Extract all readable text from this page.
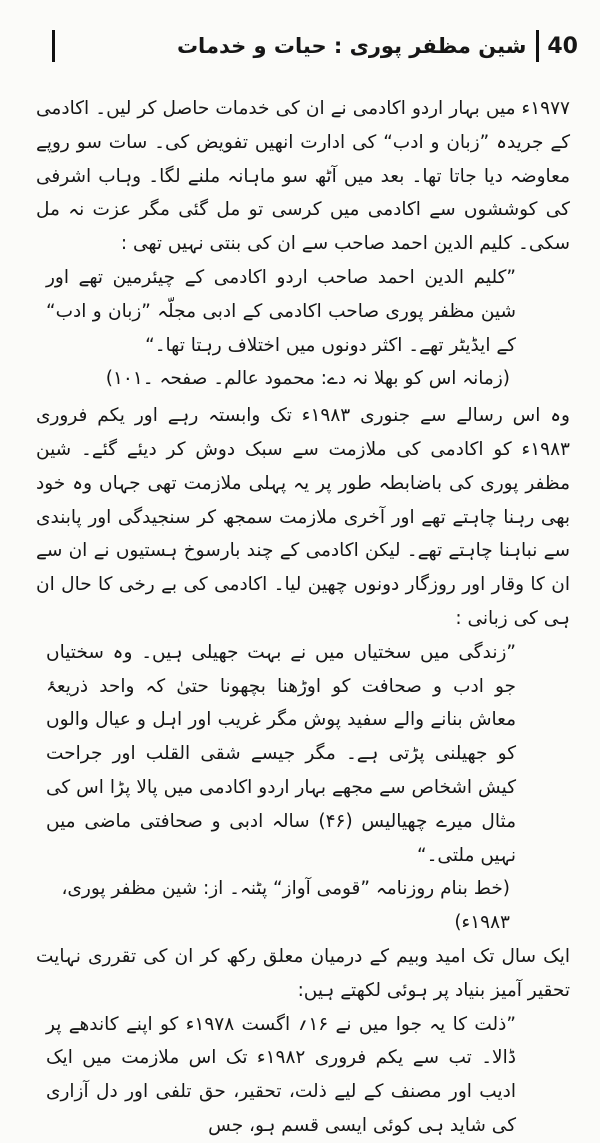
شین مظفر پوری : حیات و خدمات 40

۱۹۷۷ء میں بہار اردو اکادمی نے ان کی خدمات حاصل کر لیں۔ اکادمی کے جریدہ ”زبان و ادب“ کی ادارت انھیں تفویض کی۔ سات سو روپے معاوضہ دیا جاتا تھا۔ بعد میں آٹھ سو ماہانہ ملنے لگا۔ وہاب اشرفی کی کوششوں سے اکادمی میں کرسی تو مل گئی مگر عزت نہ مل سکی۔ کلیم الدین احمد صاحب سے ان کی بنتی نہیں تھی :

”کلیم الدین احمد صاحب اردو اکادمی کے چیئرمین تھے اور شین مظفر پوری صاحب اکادمی کے ادبی مجلّہ ”زبان و ادب“ کے ایڈیٹر تھے۔ اکثر دونوں میں اختلاف رہتا تھا۔“

(زمانہ اس کو بھلا نہ دے: محمود عالم۔ صفحہ ۔۱۰۱)

وہ اس رسالے سے جنوری ۱۹۸۳ء تک وابستہ رہے اور یکم فروری ۱۹۸۳ء کو اکادمی کی ملازمت سے سبک دوش کر دیئے گئے۔ شین مظفر پوری کی باضابطہ طور پر یہ پہلی ملازمت تھی جہاں وہ خود بھی رہنا چاہتے تھے اور آخری ملازمت سمجھ کر سنجیدگی اور پابندی سے نباہنا چاہتے تھے۔ لیکن اکادمی کے چند بارسوخ ہستیوں نے ان سے ان کا وقار اور روزگار دونوں چھین لیا۔ اکادمی کی بے رخی کا حال ان ہی کی زبانی :

”زندگی میں سختیاں میں نے بہت جھیلی ہیں۔ وہ سختیاں جو ادب و صحافت کو اوڑھنا بچھونا حتیٰ کہ واحد ذریعۂ معاش بنانے والے سفید پوش مگر غریب اور اہل و عیال والوں کو جھیلنی پڑتی ہے۔ مگر جیسے شقی القلب اور جراحت کیش اشخاص سے مجھے بہار اردو اکادمی میں پالا پڑا اس کی مثال میرے چھیالیس (۴۶) سالہ ادبی و صحافتی ماضی میں نہیں ملتی۔“

(خط بنام روزنامہ ”قومی آواز“ پٹنہ۔ از: شین مظفر پوری، ۱۹۸۳ء)

ایک سال تک امید وبیم کے درمیان معلق رکھ کر ان کی تقرری نہایت تحقیر آمیز بنیاد پر ہوئی لکھتے ہیں:

”ذلت کا یہ جوا میں نے ۱۶؍ اگست ۱۹۷۸ء کو اپنے کاندھے پر ڈالا۔ تب سے یکم فروری ۱۹۸۲ء تک اس ملازمت میں ایک ادیب اور مصنف کے لیے ذلت، تحقیر، حق تلفی اور دل آزاری کی شاید ہی کوئی ایسی قسم ہو، جس
